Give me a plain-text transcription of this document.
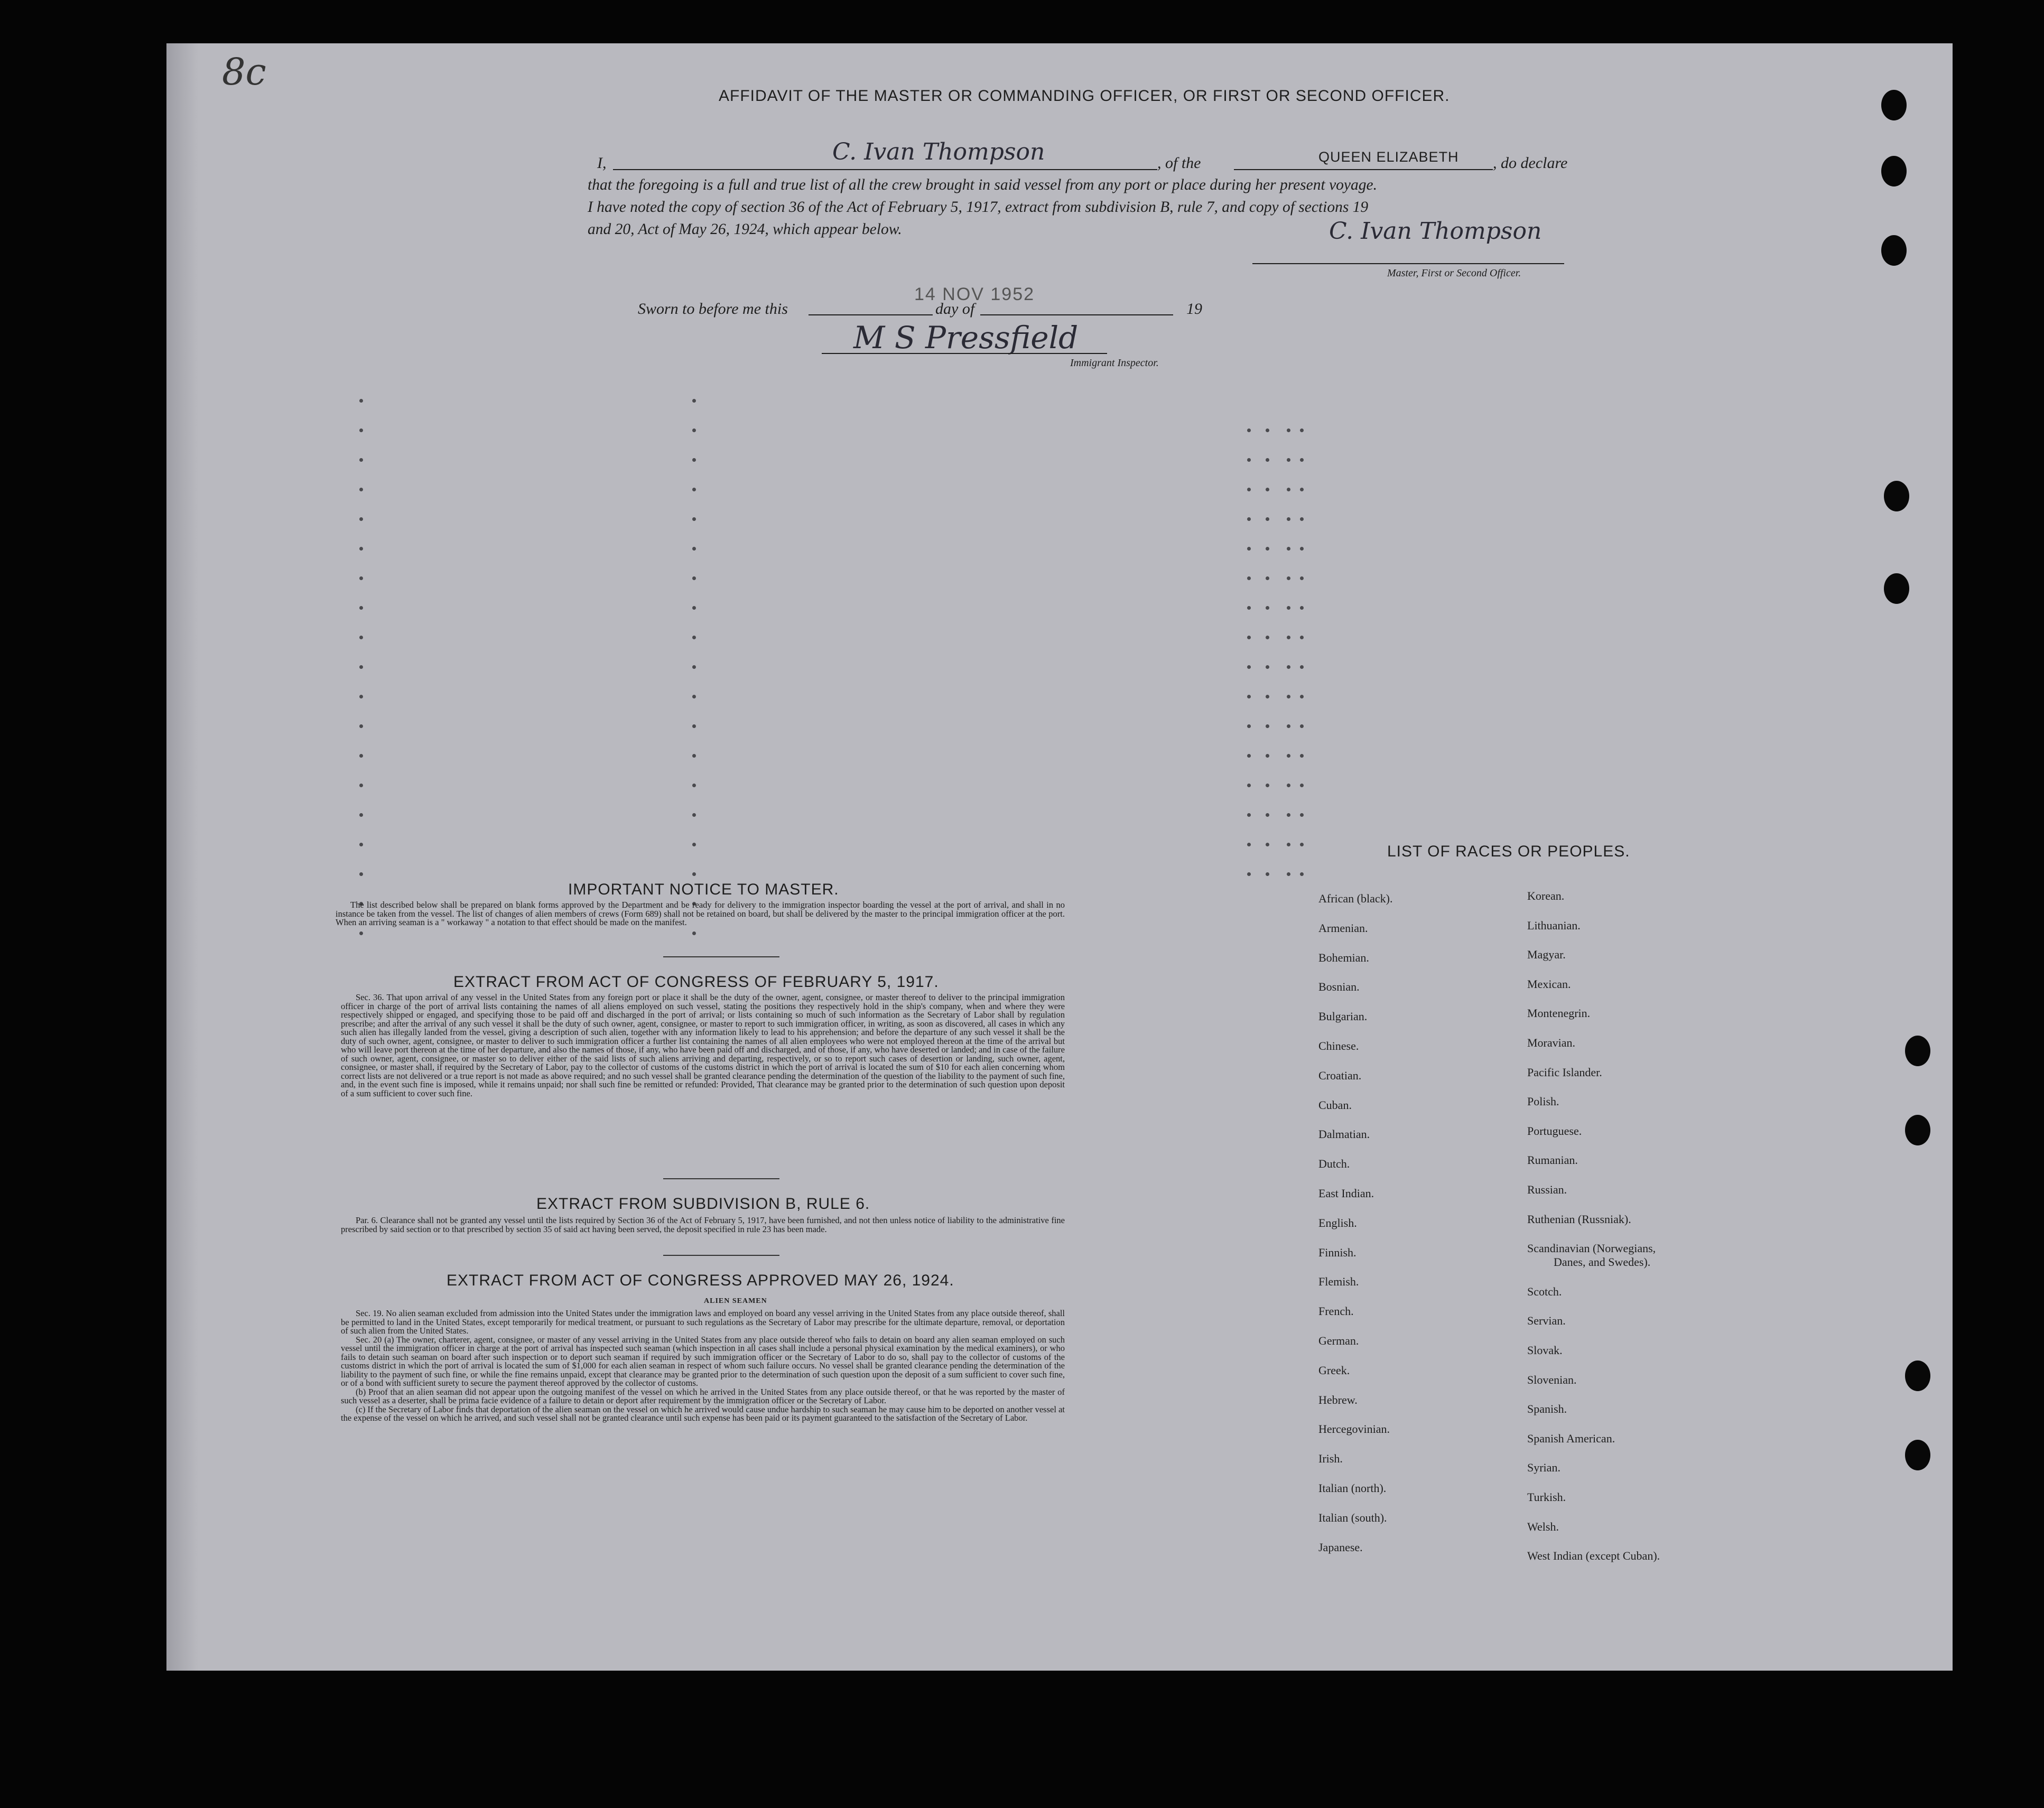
8c
AFFIDAVIT OF THE MASTER OR COMMANDING OFFICER, OR FIRST OR SECOND OFFICER.
I,	C. Ivan Thompson	, of the	QUEEN ELIZABETH , do declare
that the foregoing is a full and true list of all the crew brought in said vessel from any port or place during her present voyage.
I have noted the copy of section 36 of the Act of February 5, 1917, extract from subdivision B, rule 7, and copy of sections 19
and 20, Act of May 26, 1924, which appear below.	C. Ivan Thompson
Master, First or Second Officer.
Sworn to before me this	day of	19
14 NOV 1952
M S Pressfield
Immigrant Inspector.
IMPORTANT NOTICE TO MASTER.

The list described below shall be prepared on blank forms approved by the Department and be ready for delivery to the immigration inspector boarding the vessel at the port of arrival, and shall in no instance be taken from the vessel. The list of changes of alien members of crews (Form 689) shall not be retained on board, but shall be delivered by the master to the principal immigration officer at the port. When an arriving seaman is a " workaway " a notation to that effect should be made on the manifest.

EXTRACT FROM ACT OF CONGRESS OF FEBRUARY 5, 1917.

Sec. 36. That upon arrival of any vessel in the United States from any foreign port or place it shall be the duty of the owner, agent, consignee, or master thereof to deliver to the principal immigration officer in charge of the port of arrival lists containing the names of all aliens employed on such vessel, stating the positions they respectively hold in the ship's company, when and where they were respectively shipped or engaged, and specifying those to be paid off and discharged in the port of arrival; or lists containing so much of such information as the Secretary of Labor shall by regulation prescribe; and after the arrival of any such vessel it shall be the duty of such owner, agent, consignee, or master to report to such immigration officer, in writing, as soon as discovered, all cases in which any such alien has illegally landed from the vessel, giving a description of such alien, together with any information likely to lead to his apprehension; and before the departure of any such vessel it shall be the duty of such owner, agent, consignee, or master to deliver to such immigration officer a further list containing the names of all alien employees who were not employed thereon at the time of the arrival but who will leave port thereon at the time of her departure, and also the names of those, if any, who have been paid off and discharged, and of those, if any, who have deserted or landed; and in case of the failure of such owner, agent, consignee, or master so to deliver either of the said lists of such aliens arriving and departing, respectively, or so to report such cases of desertion or landing, such owner, agent, consignee, or master shall, if required by the Secretary of Labor, pay to the collector of customs of the customs district in which the port of arrival is located the sum of $10 for each alien concerning whom correct lists are not delivered or a true report is not made as above required; and no such vessel shall be granted clearance pending the determination of the question of the liability to the payment of such fine, and, in the event such fine is imposed, while it remains unpaid; nor shall such fine be remitted or refunded: Provided, That clearance may be granted prior to the determination of such question upon deposit of a sum sufficient to cover such fine.

EXTRACT FROM SUBDIVISION B, RULE 6.

Par. 6. Clearance shall not be granted any vessel until the lists required by Section 36 of the Act of February 5, 1917, have been furnished, and not then unless notice of liability to the administrative fine prescribed by said section or to that prescribed by section 35 of said act having been served, the deposit specified in rule 23 has been made.

EXTRACT FROM ACT OF CONGRESS APPROVED MAY 26, 1924.
ALIEN SEAMEN

Sec. 19. No alien seaman excluded from admission into the United States under the immigration laws and employed on board any vessel arriving in the United States from any place outside thereof, shall be permitted to land in the United States, except temporarily for medical treatment, or pursuant to such regulations as the Secretary of Labor may prescribe for the ultimate departure, removal, or deportation of such alien from the United States.

Sec. 20 (a) The owner, charterer, agent, consignee, or master of any vessel arriving in the United States from any place outside thereof who fails to detain on board any alien seaman employed on such vessel until the immigration officer in charge at the port of arrival has inspected such seaman (which inspection in all cases shall include a personal physical examination by the medical examiners), or who fails to detain such seaman on board after such inspection or to deport such seaman if required by such immigration officer or the Secretary of Labor to do so, shall pay to the collector of customs of the customs district in which the port of arrival is located the sum of $1,000 for each alien seaman in respect of whom such failure occurs. No vessel shall be granted clearance pending the determination of the liability to the payment of such fine, or while the fine remains unpaid, except that clearance may be granted prior to the determination of such question upon the deposit of a sum sufficient to cover such fine, or of a bond with sufficient surety to secure the payment thereof approved by the collector of customs.

(b) Proof that an alien seaman did not appear upon the outgoing manifest of the vessel on which he arrived in the United States from any place outside thereof, or that he was reported by the master of such vessel as a deserter, shall be prima facie evidence of a failure to detain or deport after requirement by the immigration officer or the Secretary of Labor.

(c) If the Secretary of Labor finds that deportation of the alien seaman on the vessel on which he arrived would cause undue hardship to such seaman he may cause him to be deported on another vessel at the expense of the vessel on which he arrived, and such vessel shall not be granted clearance until such expense has been paid or its payment guaranteed to the satisfaction of the Secretary of Labor.

LIST OF RACES OR PEOPLES.
African (black).
Armenian.
Bohemian.
Bosnian.
Bulgarian.
Chinese.
Croatian.
Cuban.
Dalmatian.
Dutch.
East Indian.
English.
Finnish.
Flemish.
French.
German.
Greek.
Hebrew.
Hercegovinian.
Irish.
Italian (north).
Italian (south).
Japanese.
Korean.
Lithuanian.
Magyar.
Mexican.
Montenegrin.
Moravian.
Pacific Islander.
Polish.
Portuguese.
Rumanian.
Russian.
Ruthenian (Russniak).
Scandinavian (Norwegians,
Danes, and Swedes).
Scotch.
Servian.
Slovak.
Slovenian.
Spanish.
Spanish American.
Syrian.
Turkish.
Welsh.
West Indian (except Cuban).
